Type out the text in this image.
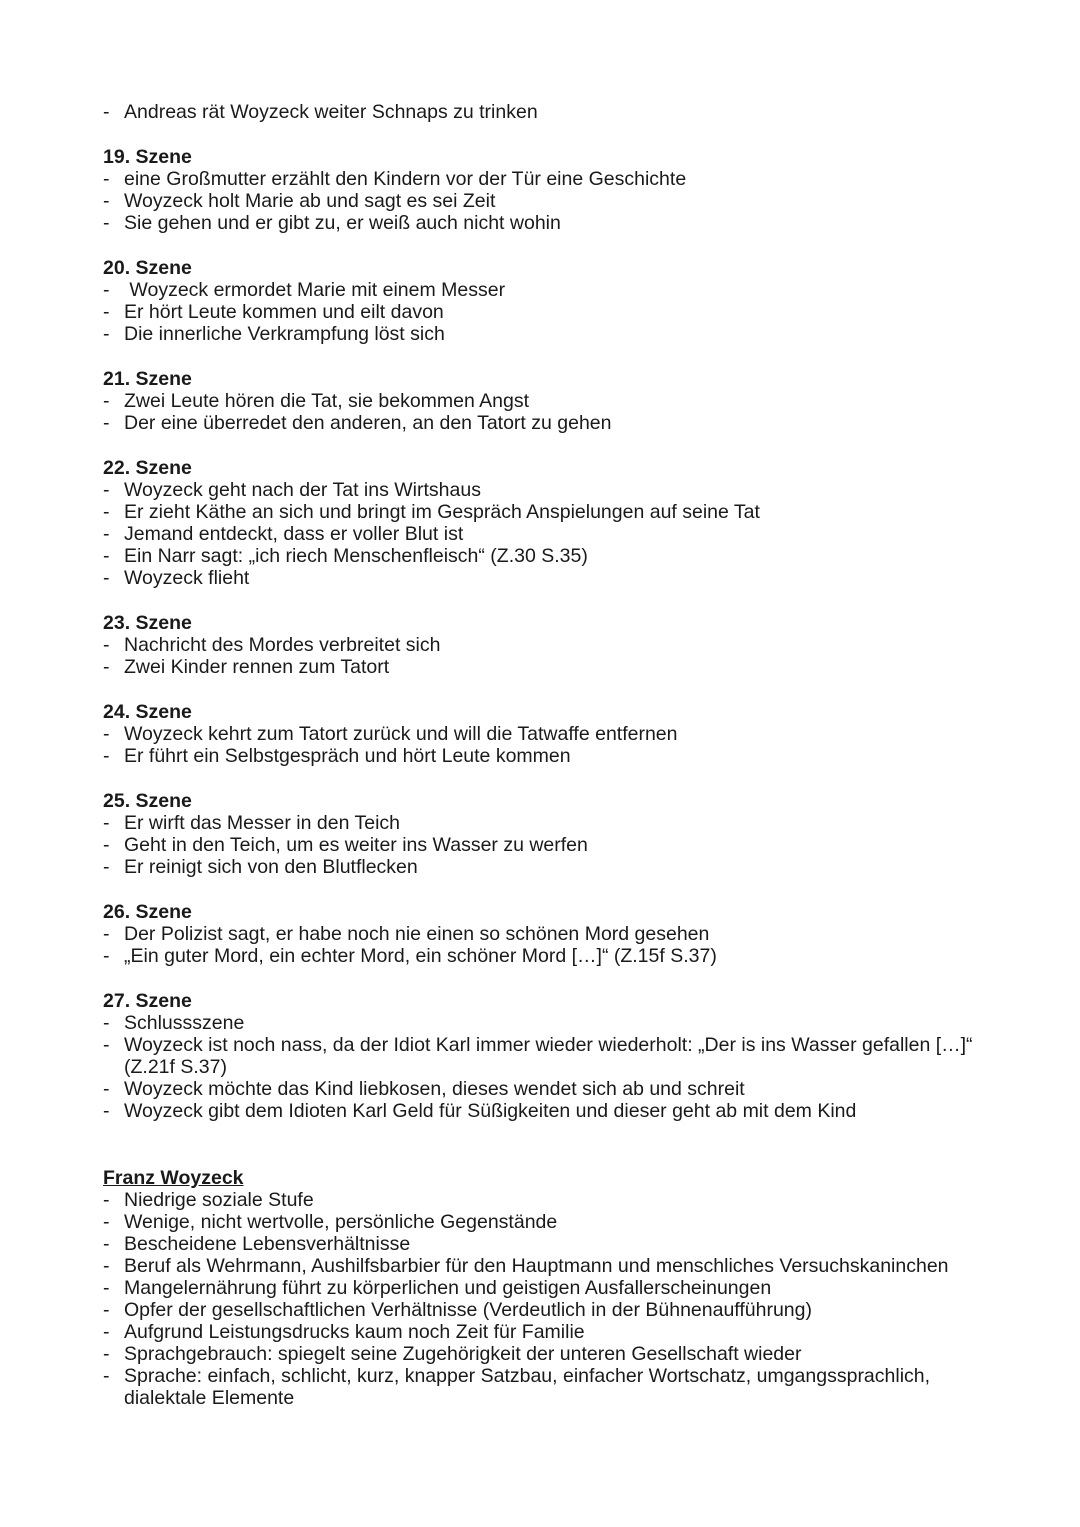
- Andreas rät Woyzeck weiter Schnaps zu trinken
19. Szene
- eine Großmutter erzählt den Kindern vor der Tür eine Geschichte
- Woyzeck holt Marie ab und sagt es sei Zeit
- Sie gehen und er gibt zu, er weiß auch nicht wohin
20. Szene
-  Woyzeck ermordet Marie mit einem Messer
- Er hört Leute kommen und eilt davon
- Die innerliche Verkrampfung löst sich
21. Szene
- Zwei Leute hören die Tat, sie bekommen Angst
- Der eine überredet den anderen, an den Tatort zu gehen
22. Szene
- Woyzeck geht nach der Tat ins Wirtshaus
- Er zieht Käthe an sich und bringt im Gespräch Anspielungen auf seine Tat
- Jemand entdeckt, dass er voller Blut ist
- Ein Narr sagt: „ich riech Menschenfleisch“ (Z.30 S.35)
- Woyzeck flieht
23. Szene
- Nachricht des Mordes verbreitet sich
- Zwei Kinder rennen zum Tatort
24. Szene
- Woyzeck kehrt zum Tatort zurück und will die Tatwaffe entfernen
- Er führt ein Selbstgespräch und hört Leute kommen
25. Szene
- Er wirft das Messer in den Teich
- Geht in den Teich, um es weiter ins Wasser zu werfen
- Er reinigt sich von den Blutflecken
26. Szene
- Der Polizist sagt, er habe noch nie einen so schönen Mord gesehen
- „Ein guter Mord, ein echter Mord, ein schöner Mord […]“ (Z.15f S.37)
27. Szene
- Schlussszene
- Woyzeck ist noch nass, da der Idiot Karl immer wieder wiederholt: „Der is ins Wasser gefallen […]“ (Z.21f S.37)
- Woyzeck möchte das Kind liebkosen, dieses wendet sich ab und schreit
- Woyzeck gibt dem Idioten Karl Geld für Süßigkeiten und dieser geht ab mit dem Kind
Franz Woyzeck
- Niedrige soziale Stufe
- Wenige, nicht wertvolle, persönliche Gegenstände
- Bescheidene Lebensverhältnisse
- Beruf als Wehrmann, Aushilfsbarbier für den Hauptmann und menschliches Versuchskaninchen
- Mangelernährung führt zu körperlichen und geistigen Ausfallerscheinungen
- Opfer der gesellschaftlichen Verhältnisse (Verdeutlich in der Bühnenaufführung)
- Aufgrund Leistungsdrucks kaum noch Zeit für Familie
- Sprachgebrauch: spiegelt seine Zugehörigkeit der unteren Gesellschaft wieder
- Sprache: einfach, schlicht, kurz, knapper Satzbau, einfacher Wortschatz, umgangssprachlich, dialektale Elemente
